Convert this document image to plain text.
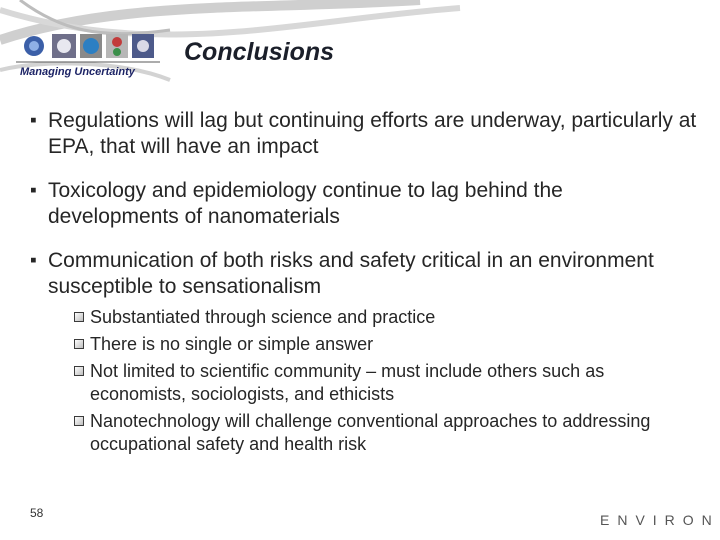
Managing Uncertainty
Conclusions
▪ Regulations will lag but continuing efforts are underway, particularly at EPA, that will have an impact
▪ Toxicology and epidemiology continue to lag behind the developments of nanomaterials
▪ Communication of both risks and safety critical in an environment susceptible to sensationalism
Substantiated through science and practice
There is no single or simple answer
Not limited to scientific community – must include others such as economists, sociologists, and ethicists
Nanotechnology will challenge conventional approaches to addressing occupational safety and health risk
58	ENVIRON
